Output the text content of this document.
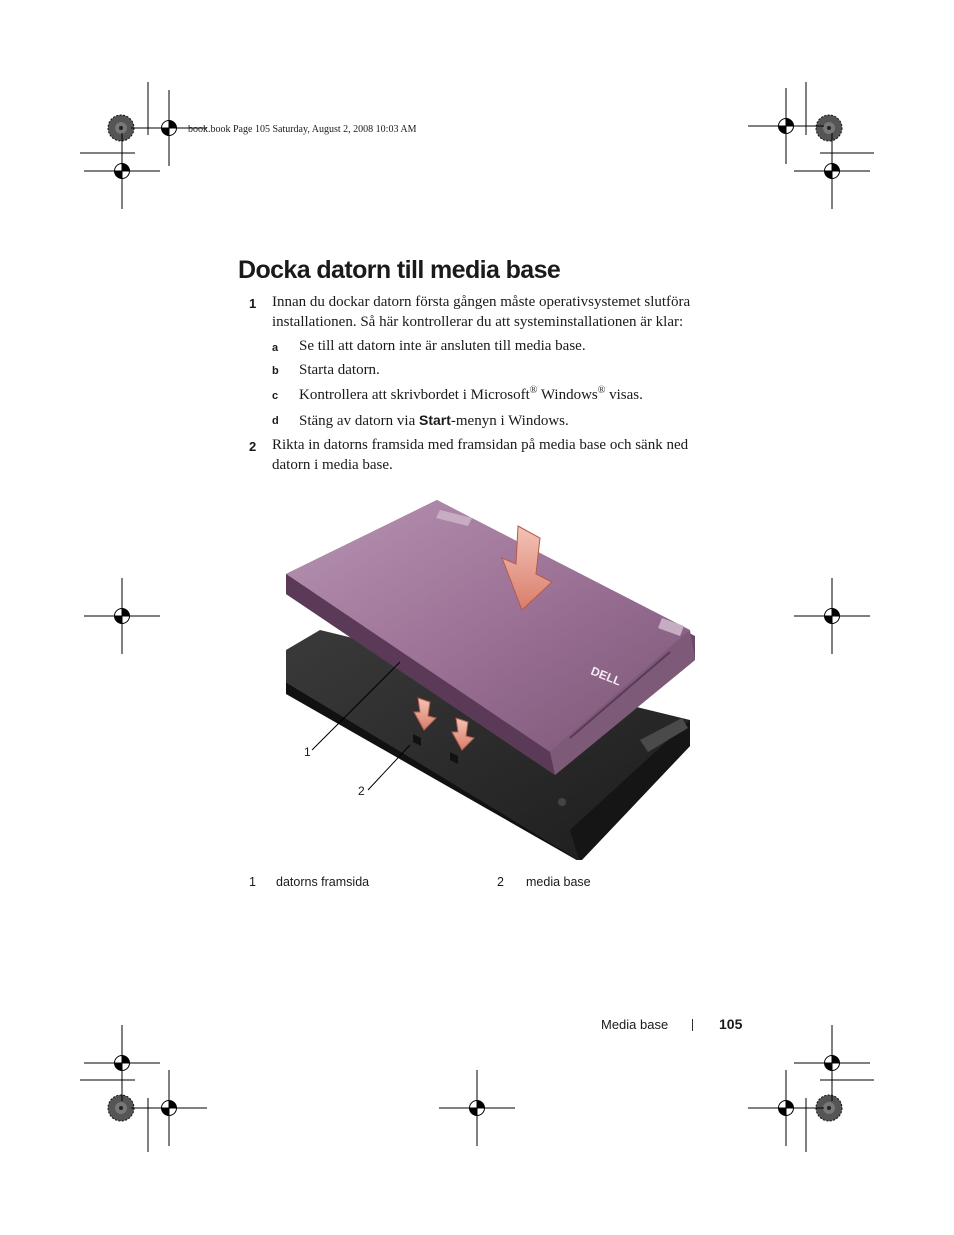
book.book Page 105 Saturday, August 2, 2008 10:03 AM
Docka datorn till media base
1 Innan du dockar datorn första gången måste operativsystemet slutföra
installationen. Så här kontrollerar du att systeminstallationen är klar:
a Se till att datorn inte är ansluten till media base.
b Starta datorn.
c Kontrollera att skrivbordet i Microsoft® Windows® visas.
d Stäng av datorn via Start-menyn i Windows.
2 Rikta in datorns framsida med framsidan på media base och sänk ned
datorn i media base.
DELL
1
2
1 datorns framsida	2 media base
Media base	105
